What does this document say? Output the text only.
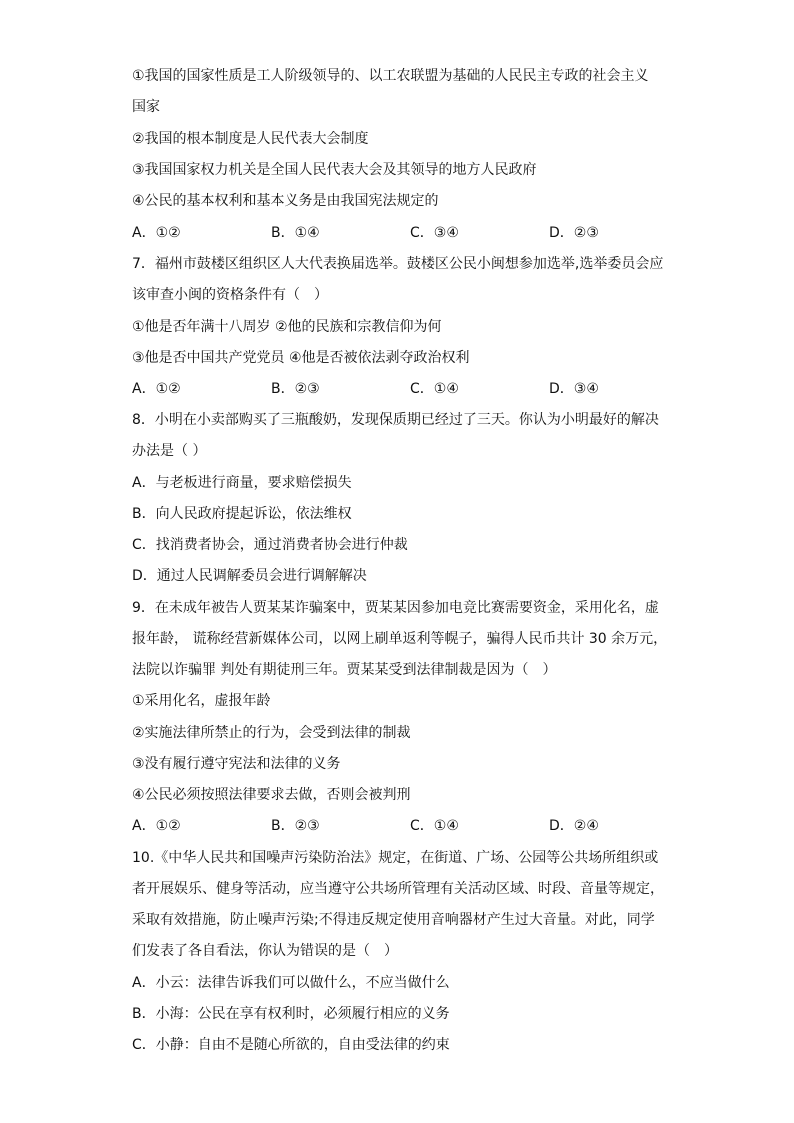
①我国的国家性质是工人阶级领导的、以工农联盟为基础的人民民主专政的社会主义
国家
②我国的根本制度是人民代表大会制度
③我国国家权力机关是全国人民代表大会及其领导的地方人民政府
④公民的基本权利和基本义务是由我国宪法规定的
A．①②	B．①④	C．③④	D．②③
7．福州市鼓楼区组织区人大代表换届选举。鼓楼区公民小闽想参加选举,选举委员会应
该审查小闽的资格条件有（　）
①他是否年满十八周岁 ②他的民族和宗教信仰为何
③他是否中国共产党党员 ④他是否被依法剥夺政治权利
A．①②	B．②③	C．①④	D．③④
8．小明在小卖部购买了三瓶酸奶，发现保质期已经过了三天。你认为小明最好的解决
办法是（ ）
A．与老板进行商量，要求赔偿损失
B．向人民政府提起诉讼，依法维权
C．找消费者协会，通过消费者协会进行仲裁
D．通过人民调解委员会进行调解解决
9．在未成年被告人贾某某诈骗案中，贾某某因参加电竞比赛需要资金，采用化名，虚
报年龄， 谎称经营新媒体公司，以网上刷单返利等幌子，骗得人民币共计 30 余万元，
法院以诈骗罪 判处有期徒刑三年。贾某某受到法律制裁是因为（　）
①采用化名，虚报年龄
②实施法律所禁止的行为，会受到法律的制裁
③没有履行遵守宪法和法律的义务
④公民必须按照法律要求去做，否则会被判刑
A．①②	B．②③	C．①④	D．②④
10.《中华人民共和国噪声污染防治法》规定，在街道、广场、公园等公共场所组织或
者开展娱乐、健身等活动，应当遵守公共场所管理有关活动区域、时段、音量等规定，
采取有效措施，防止噪声污染;不得违反规定使用音响器材产生过大音量。对此，同学
们发表了各自看法，你认为错误的是（　）
A．小云：法律告诉我们可以做什么，不应当做什么
B．小海：公民在享有权利时，必须履行相应的义务
C．小静：自由不是随心所欲的，自由受法律的约束
